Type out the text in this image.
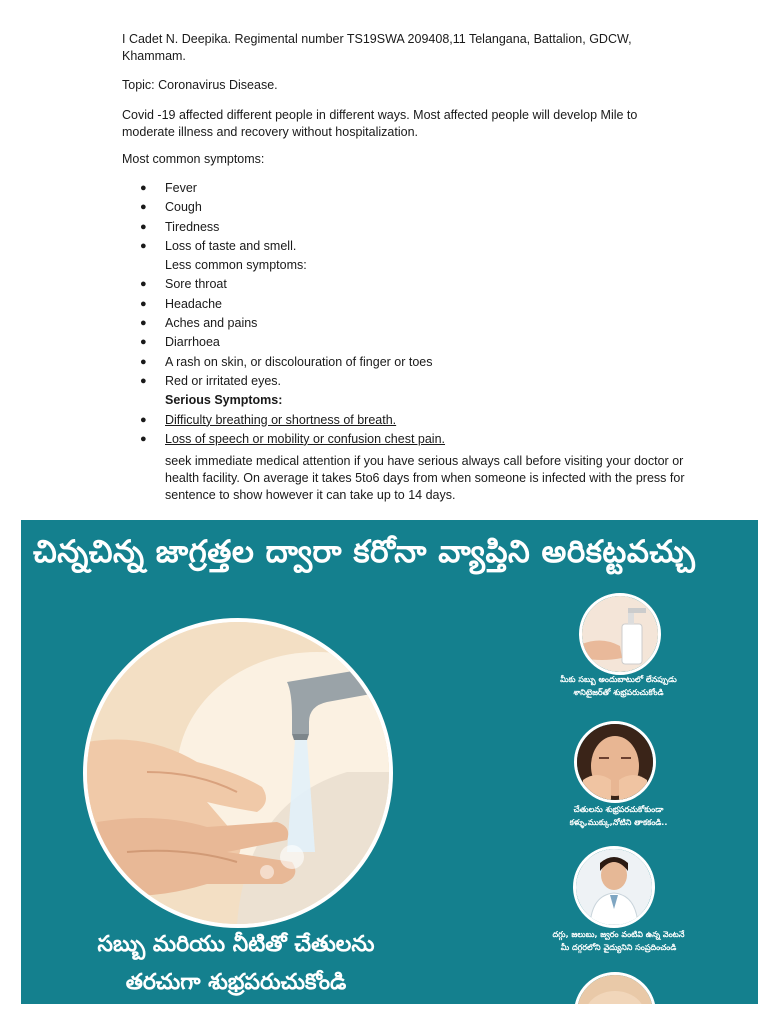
I Cadet N. Deepika. Regimental number TS19SWA 209408,11 Telangana, Battalion, GDCW, Khammam.

Topic: Coronavirus Disease.

Covid -19 affected different people in different ways. Most affected people will develop Mile to moderate illness and recovery without hospitalization.

Most common symptoms:

● Fever
● Cough
● Tiredness
● Loss of taste and smell.
Less common symptoms:
● Sore throat
● Headache
● Aches and pains
● Diarrhoea
● A rash on skin, or discolouration of finger or toes
● Red or irritated eyes.
Serious Symptoms:
● Difficulty breathing or shortness of breath.
● Loss of speech or mobility or confusion chest pain.

seek immediate medical attention if you have serious always call before visiting your doctor or health facility. On average it takes 5to6 days from when someone is infected with the press for sentence to show however it can take up to 14 days.

చిన్నచిన్న జాగ్రత్తల ద్వారా కరోనా వ్యాప్తిని అరికట్టవచ్చు
సబ్బు మరియు నీటితో చేతులను
తరచుగా శుభ్రపరుచుకోండి
మీకు సబ్బు అందుబాటులో లేనప్పుడు
శానిటైజర్‌తో శుభ్రపరుచుకోండి
చేతులను శుభ్రపరచుకోకుండా
కళ్ళు,ముక్కు,నోటిని తాకకండి..
దగ్గు, జలుబు, జ్వరం వంటివి ఉన్న వెంటనే
మీ దగ్గరలోని వైద్యునిని సంప్రదించండి
